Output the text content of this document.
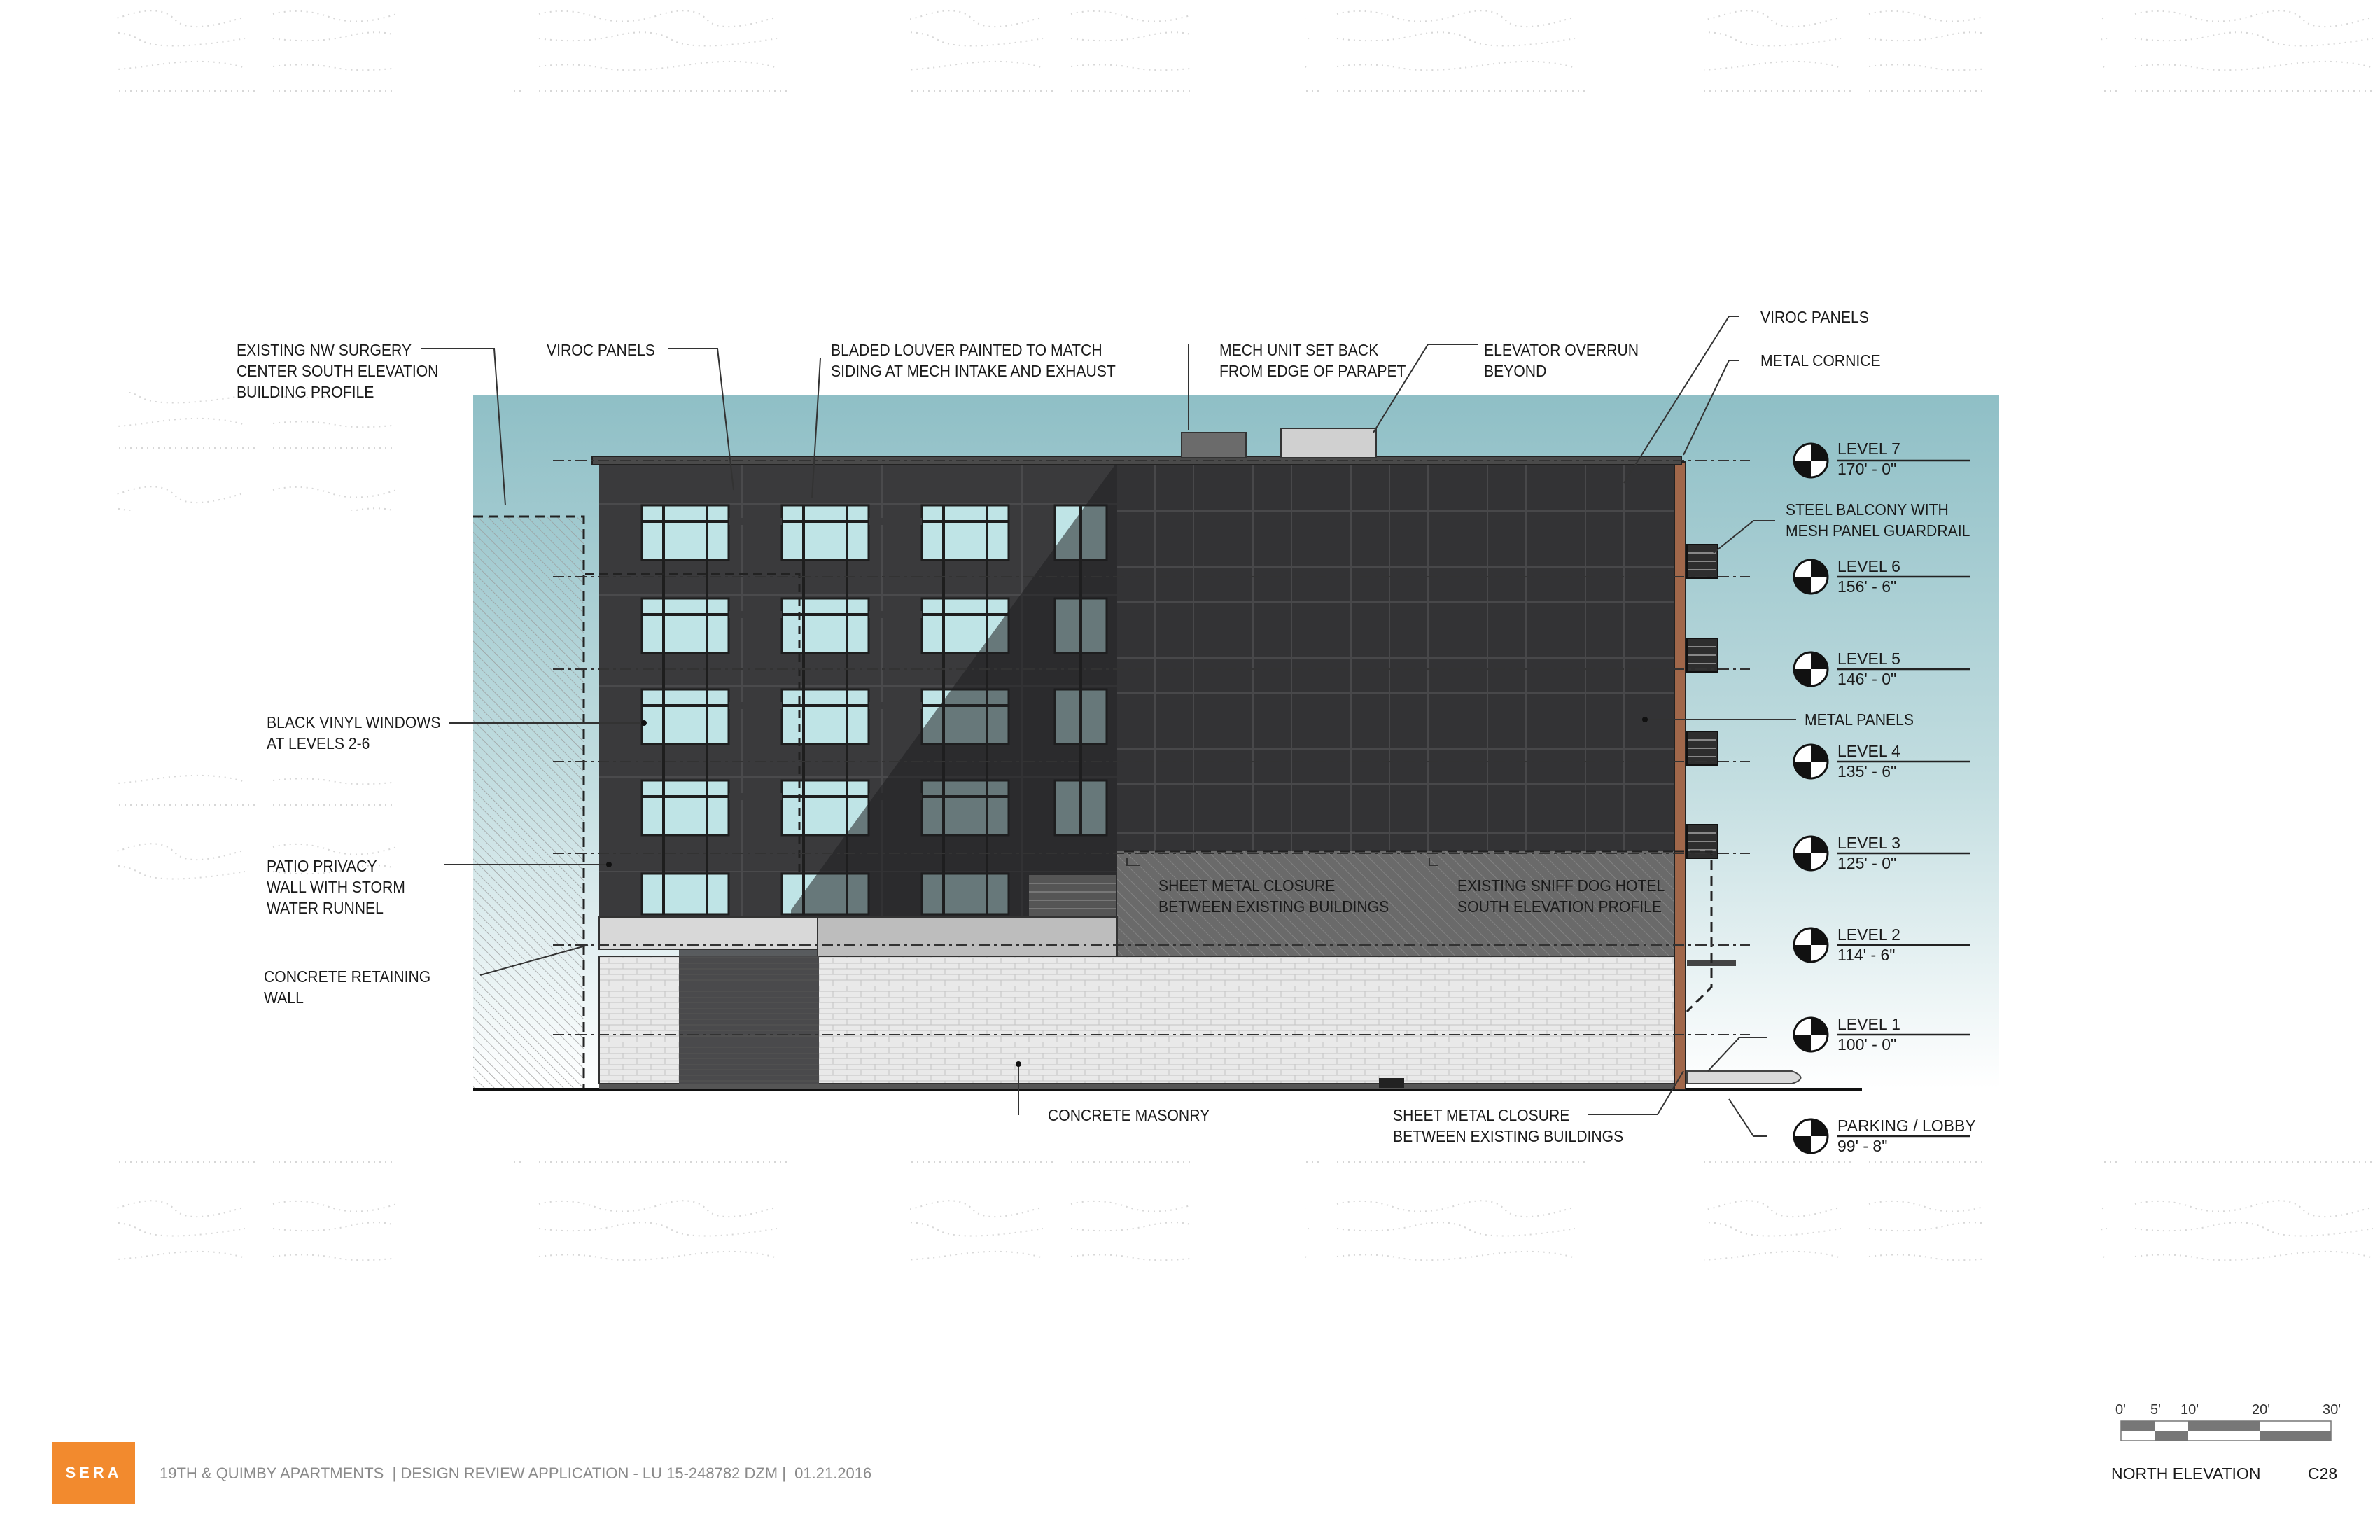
EXISTING NW SURGERY
CENTER SOUTH ELEVATION
BUILDING PROFILE
VIROC PANELS	BLADED LOUVER PAINTED TO MATCH
SIDING AT MECH INTAKE AND EXHAUST
MECH UNIT SET BACK
FROM EDGE OF PARAPET
ELEVATOR OVERRUN
BEYOND
VIROC PANELS
METAL CORNICE
STEEL BALCONY WITH
MESH PANEL GUARDRAIL
METAL PANELS
BLACK VINYL WINDOWS
AT LEVELS 2-6
PATIO PRIVACY
WALL WITH STORM
WATER RUNNEL
CONCRETE RETAINING
WALL
SHEET METAL CLOSURE
BETWEEN EXISTING BUILDINGS
EXISTING SNIFF DOG HOTEL
SOUTH ELEVATION PROFILE
CONCRETE MASONRY	SHEET METAL CLOSURE
BETWEEN EXISTING BUILDINGS
LEVEL 7
170' - 0"
LEVEL 6
156' - 6"
LEVEL 5
146' - 0"
LEVEL 4
135' - 6"
LEVEL 3
125' - 0"
LEVEL 2
114' - 6"
LEVEL 1
100' - 0"
PARKING / LOBBY
99' - 8"
SERA	19TH & QUIMBY APARTMENTS  | DESIGN REVIEW APPLICATION - LU 15-248782 DZM |  01.21.2016	NORTH ELEVATION	C28
0' 5' 10'	20'	30'
